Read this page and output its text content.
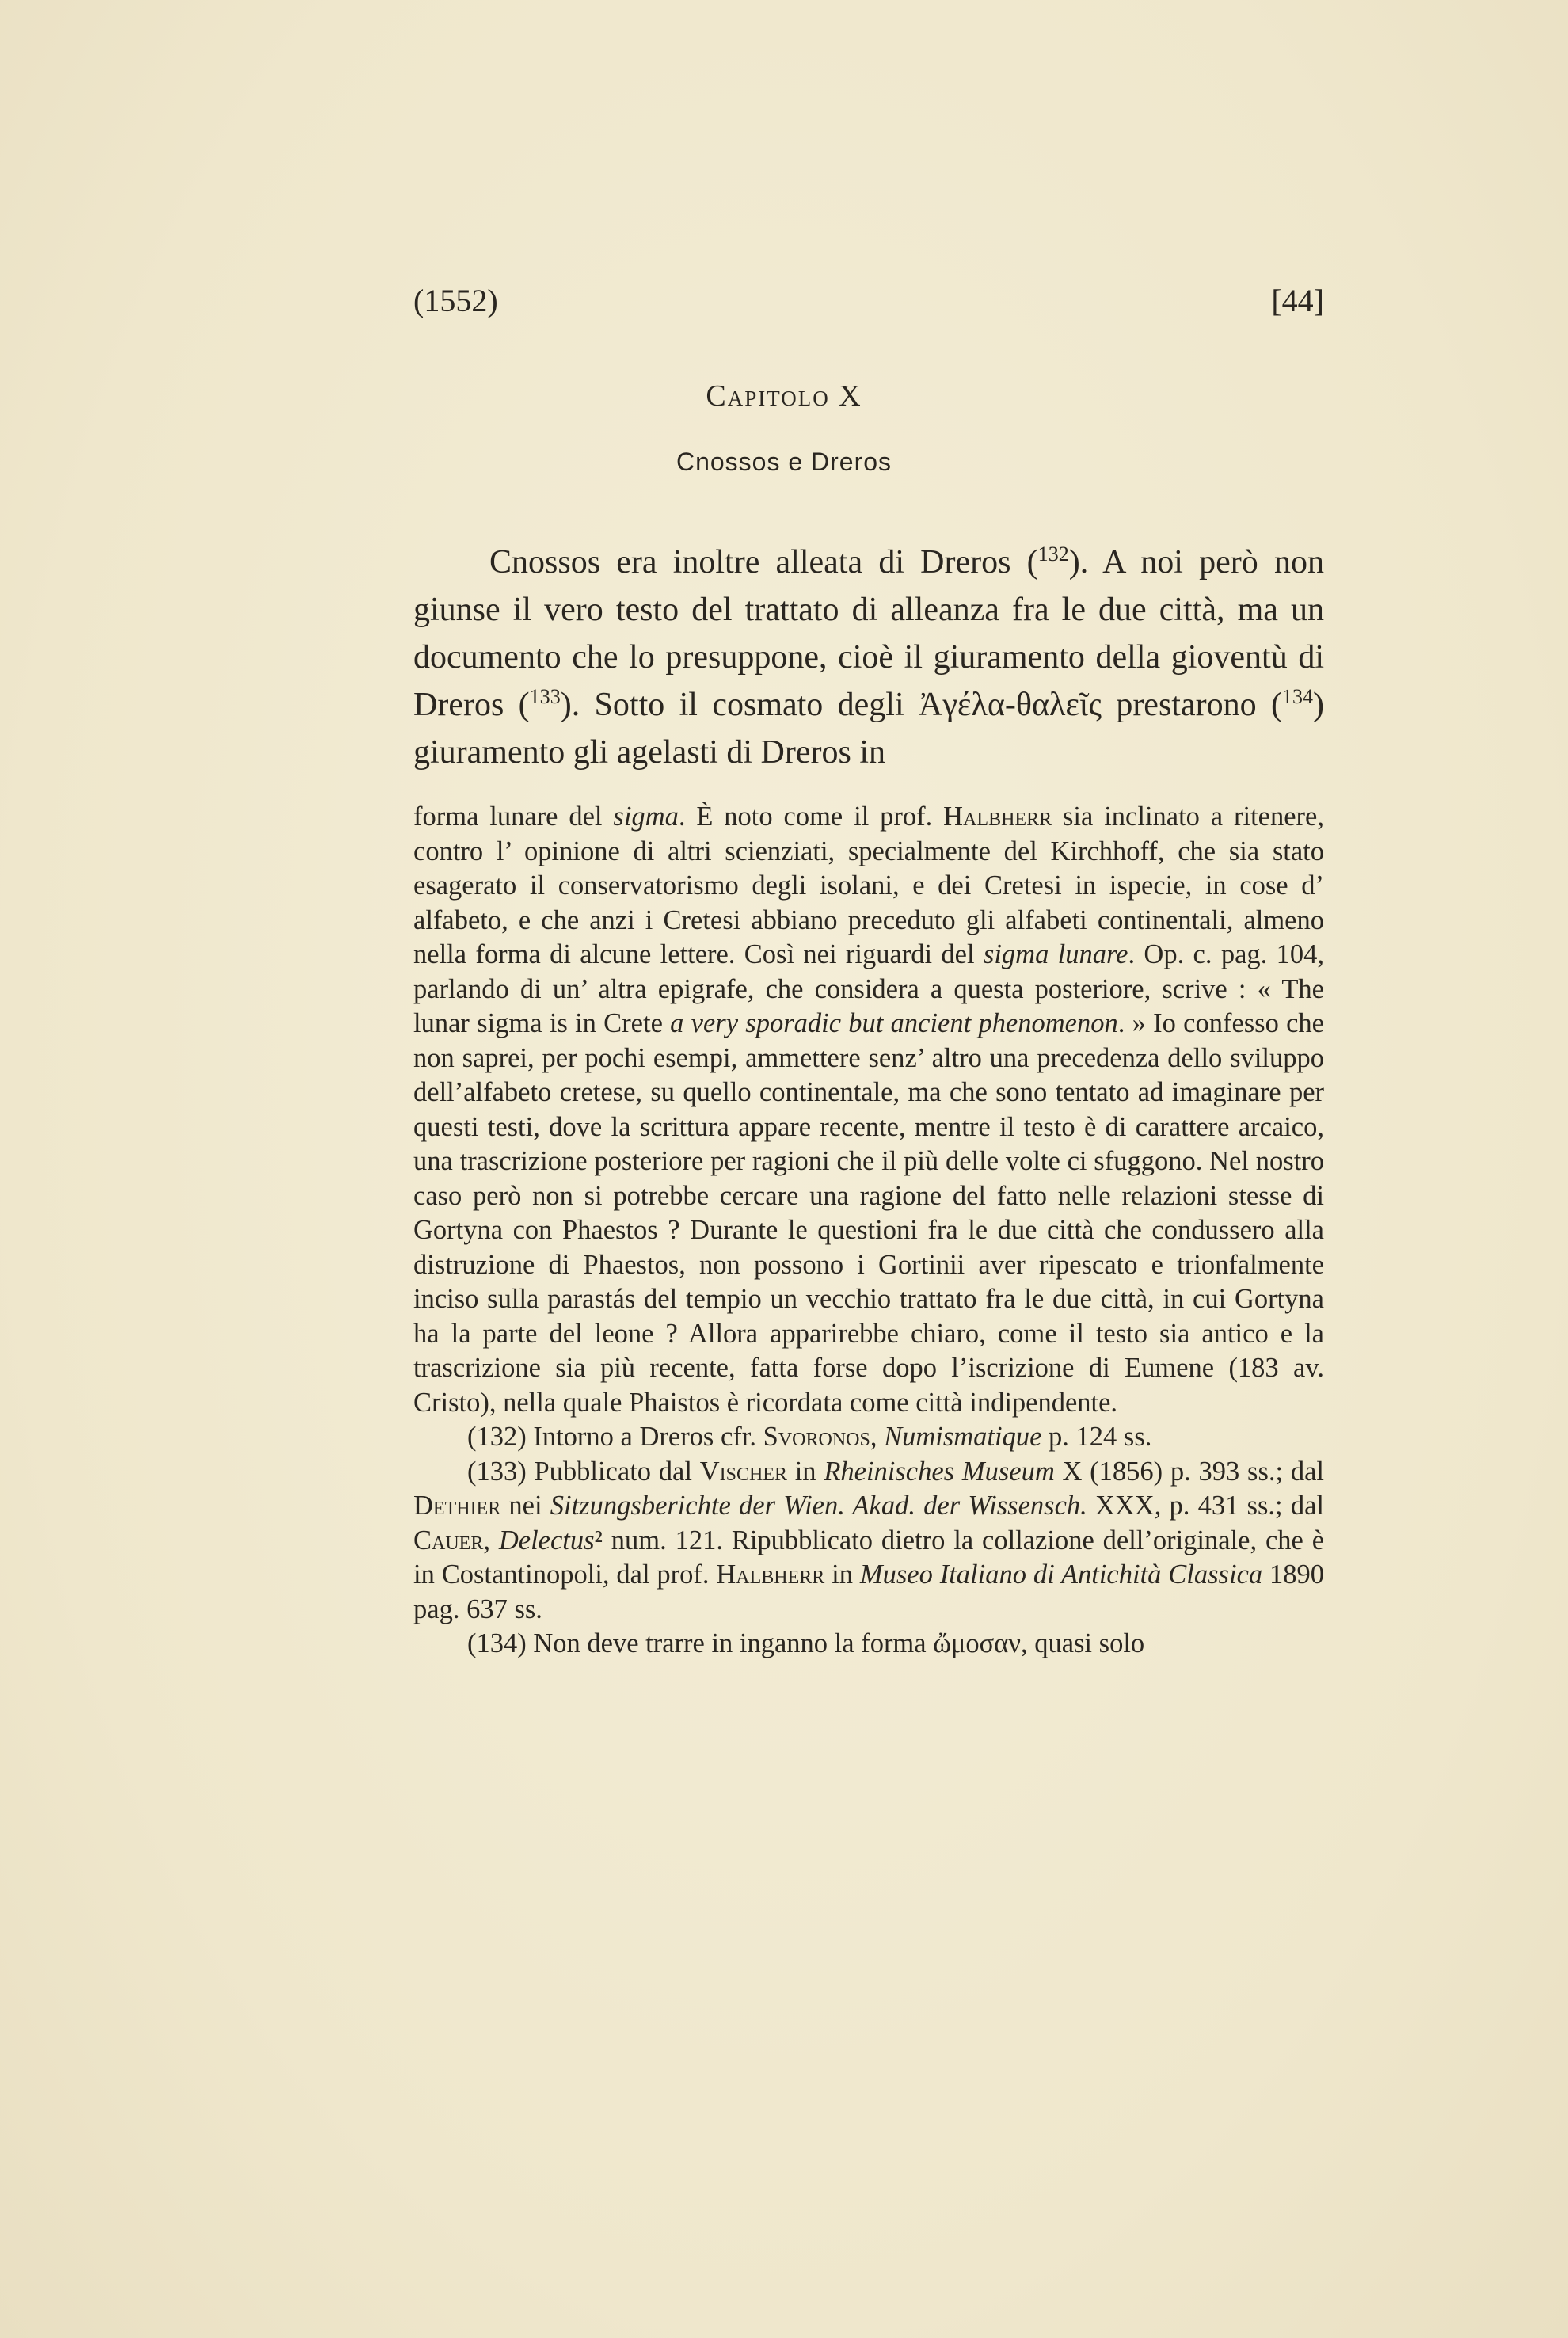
(1552)	[44]
Capitolo X
Cnossos e Dreros

Cnossos era inoltre alleata di Dreros ($^{132}$). A noi però non giunse il vero testo del trattato di alleanza fra le due città, ma un documento che lo presuppone, cioè il giuramento della gioventù di Dreros ($^{133}$). Sotto il cosmato degli Ἀγέλα-θαλεῖς prestarono ($^{134}$) giuramento gli agelasti di Dreros in

forma lunare del sigma. È noto come il prof. Halbherr sia inclinato a ritenere, contro l’ opinione di altri scienziati, specialmente del Kirchhoff, che sia stato esagerato il conservatorismo degli isolani, e dei Cretesi in ispecie, in cose d’ alfabeto, e che anzi i Cretesi abbiano preceduto gli alfabeti continentali, almeno nella forma di alcune lettere. Così nei riguardi del sigma lunare. Op. c. pag. 104, parlando di un’ altra epigrafe, che considera a questa posteriore, scrive : « The lunar sigma is in Crete a very sporadic but ancient phenomenon. » Io confesso che non saprei, per pochi esempi, ammettere senz’ altro una precedenza dello sviluppo dell’alfabeto cretese, su quello continentale, ma che sono tentato ad imaginare per questi testi, dove la scrittura appare recente, mentre il testo è di carattere arcaico, una trascrizione posteriore per ragioni che il più delle volte ci sfuggono. Nel nostro caso però non si potrebbe cercare una ragione del fatto nelle relazioni stesse di Gortyna con Phaestos ? Durante le questioni fra le due città che condussero alla distruzione di Phaestos, non possono i Gortinii aver ripescato e trionfalmente inciso sulla parastás del tempio un vecchio trattato fra le due città, in cui Gortyna ha la parte del leone ? Allora apparirebbe chiaro, come il testo sia antico e la trascrizione sia più recente, fatta forse dopo l’iscrizione di Eumene (183 av. Cristo), nella quale Phaistos è ricordata come città indipendente.

(132) Intorno a Dreros cfr. Svoronos, Numismatique p. 124 ss.

(133) Pubblicato dal Vischer in Rheinisches Museum X (1856) p. 393 ss.; dal Dethier nei Sitzungsberichte der Wien. Akad. der Wissensch. XXX, p. 431 ss.; dal Cauer, Delectus² num. 121. Ripubblicato dietro la collazione dell’originale, che è in Costantinopoli, dal prof. Halbherr in Museo Italiano di Antichità Classica 1890 pag. 637 ss.

(134) Non deve trarre in inganno la forma ὤμοσαν, quasi solo
